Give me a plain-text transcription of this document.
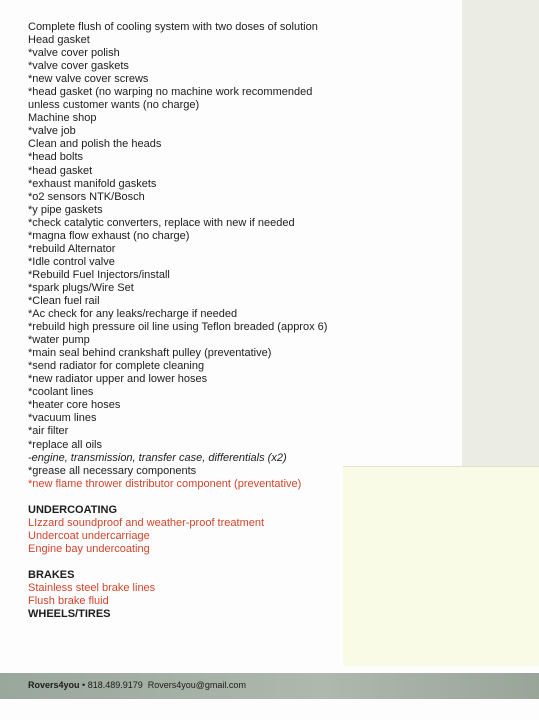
Complete flush of cooling system with two doses of solution
Head gasket
*valve cover polish
*valve cover gaskets
*new valve cover screws
*head gasket (no warping no machine work recommended unless customer wants (no charge)
Machine shop
*valve job
Clean and polish the heads
*head bolts
*head gasket
*exhaust manifold gaskets
*o2 sensors NTK/Bosch
*y pipe gaskets
*check catalytic converters, replace with new if needed
*magna flow exhaust (no charge)
*rebuild Alternator
*Idle control valve
*Rebuild Fuel Injectors/install
*spark plugs/Wire Set
*Clean fuel rail
*Ac check for any leaks/recharge if needed
*rebuild high pressure oil line using Teflon breaded (approx 6)
*water pump
*main seal behind crankshaft pulley (preventative)
*send radiator for complete cleaning
*new radiator upper and lower hoses
*coolant lines
*heater core hoses
*vacuum lines
*air filter
*replace all oils
-engine, transmission, transfer case, differentials (x2)
*grease all necessary components
*new flame thrower distributor component (preventative)
UNDERCOATING
LIzzard soundproof and weather-proof treatment
Undercoat undercarriage
Engine bay undercoating
BRAKES
Stainless steel brake lines
Flush brake fluid
WHEELS/TIRES
Rovers4you • 818.489.9179 Rovers4you@gmail.com
